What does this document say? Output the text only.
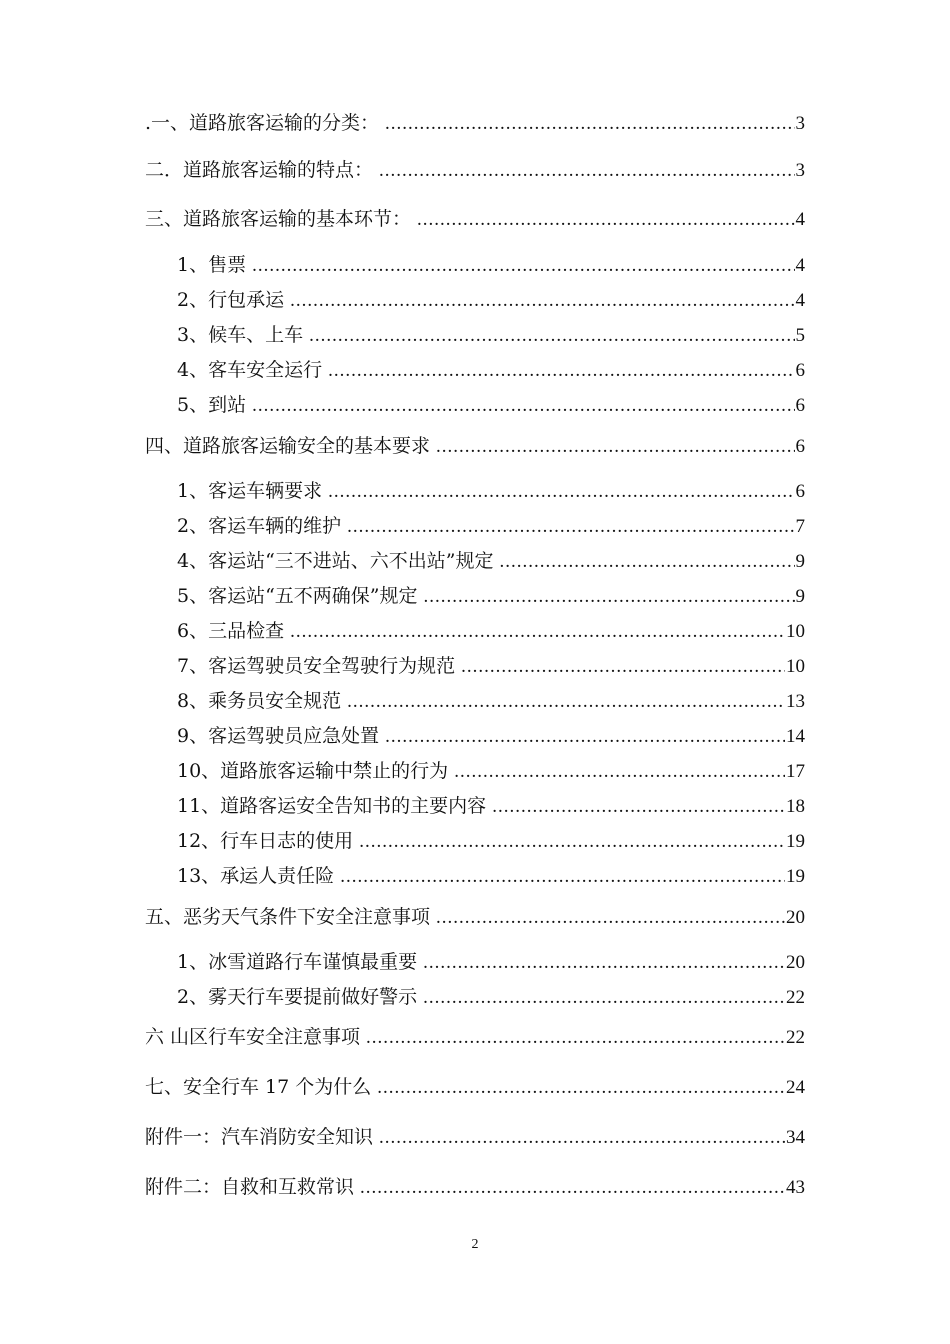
.一、道路旅客运输的分类： .....	3
二．道路旅客运输的特点： .....	3
三、道路旅客运输的基本环节： .....	4
1、售票 .....	4
2、行包承运 .....	4
3、候车、上车 .....	5
4、客车安全运行 .....	6
5、到站 .....	6
四、道路旅客运输安全的基本要求 .....	6
1、客运车辆要求 .....	6
2、客运车辆的维护 .....	7
4、客运站“三不进站、六不出站”规定 .....	9
5、客运站“五不两确保”规定 .....	9
6、三品检查 .....	10
7、客运驾驶员安全驾驶行为规范 .....	10
8、乘务员安全规范 .....	13
9、客运驾驶员应急处置 .....	14
10、道路旅客运输中禁止的行为 .....	17
11、道路客运安全告知书的主要内容 .....	18
12、行车日志的使用 .....	19
13、承运人责任险 .....	19
五、恶劣天气条件下安全注意事项 .....	20
1、冰雪道路行车谨慎最重要 .....	20
2、雾天行车要提前做好警示 .....	22
六 山区行车安全注意事项 .....	22
七、安全行车 17 个为什么 .....	24
附件一：汽车消防安全知识 .....	34
附件二：自救和互救常识 .....	43
2
